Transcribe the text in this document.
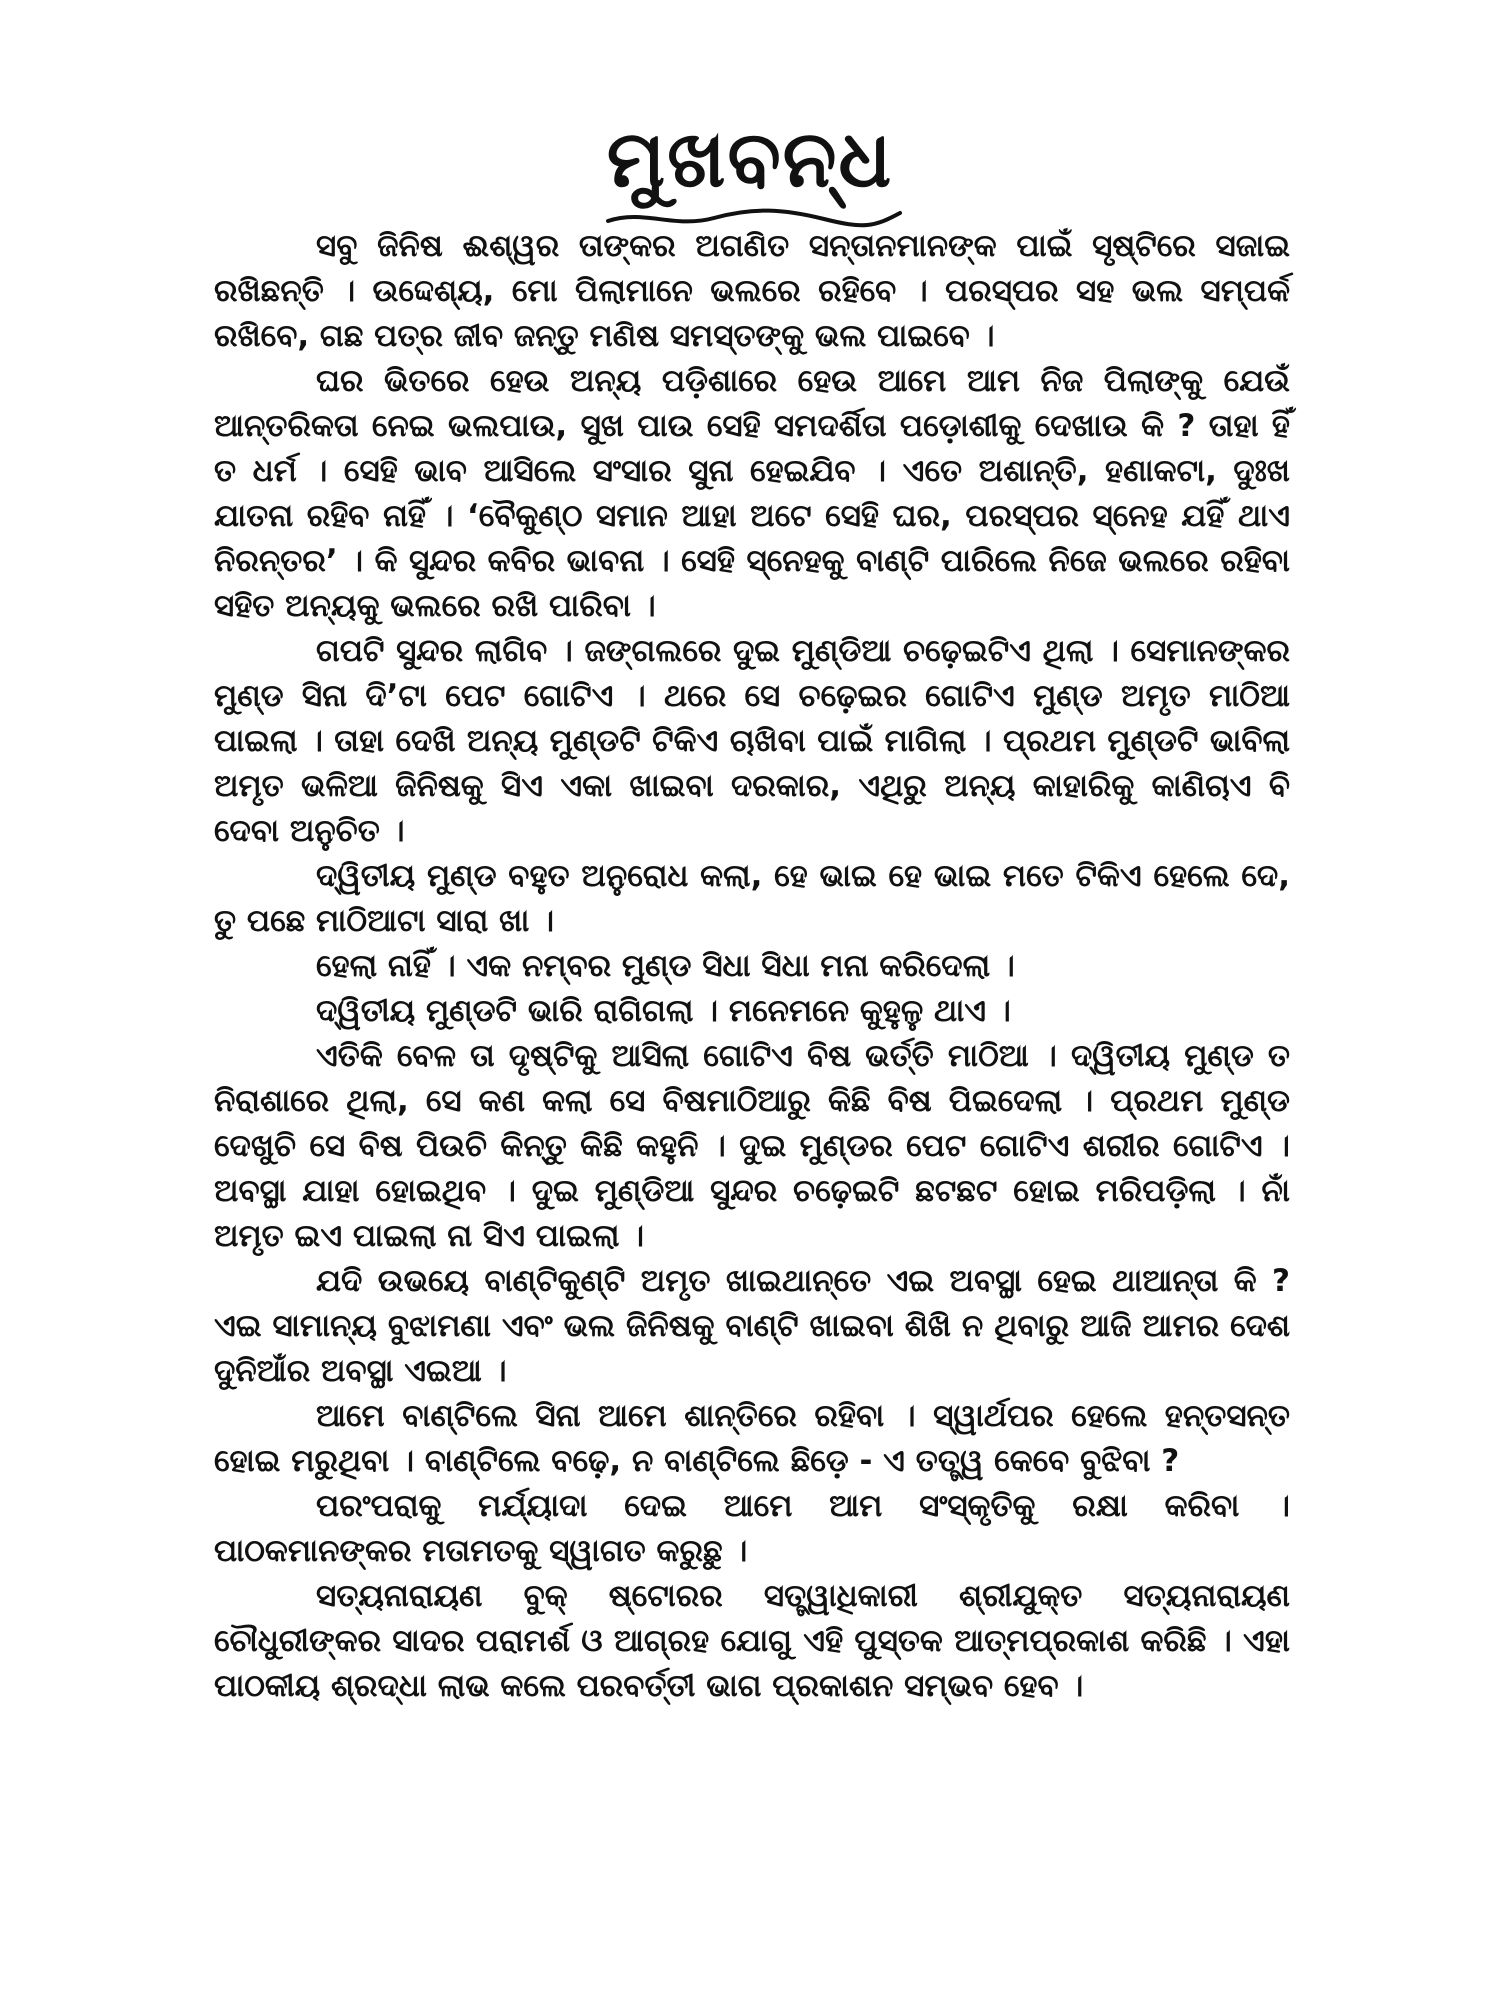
ମୁଖବନ୍ଧ

ସବୁ ଜିନିଷ ଈଶ୍ୱର ତାଙ୍କର ଅଗଣିତ ସନ୍ତାନମାନଙ୍କ ପାଇଁ ସୃଷ୍ଟିରେ ସଜାଇ ରଖିଛନ୍ତି । ଉଦ୍ଦେଶ୍ୟ, ମୋ ପିଲାମାନେ ଭଲରେ ରହିବେ । ପରସ୍ପର ସହ ଭଲ ସମ୍ପର୍କ ରଖିବେ, ଗଛ ପତ୍ର ଜୀବ ଜନ୍ତୁ ମଣିଷ ସମସ୍ତଙ୍କୁ ଭଲ ପାଇବେ ।

ଘର ଭିତରେ ହେଉ ଅନ୍ୟ ପଡ଼ିଶାରେ ହେଉ ଆମେ ଆମ ନିଜ ପିଲାଙ୍କୁ ଯେଉଁ ଆନ୍ତରିକତା ନେଇ ଭଲପାଉ, ସୁଖ ପାଉ ସେହି ସମଦର୍ଶିତା ପଡ଼ୋଶୀକୁ ଦେଖାଉ କି ? ତାହା ହିଁ ତ ଧର୍ମ । ସେହି ଭାବ ଆସିଲେ ସଂସାର ସୁନା ହେଇଯିବ । ଏତେ ଅଶାନ୍ତି, ହଣାକଟା, ଦୁଃଖ ଯାତନା ରହିବ ନାହିଁ । ‘ବୈକୁଣ୍ଠ ସମାନ ଆହା ଅଟେ ସେହି ଘର, ପରସ୍ପର ସ୍ନେହ ଯହିଁ ଥାଏ ନିରନ୍ତର’ । କି ସୁନ୍ଦର କବିର ଭାବନା । ସେହି ସ୍ନେହକୁ ବାଣ୍ଟି ପାରିଲେ ନିଜେ ଭଲରେ ରହିବା ସହିତ ଅନ୍ୟକୁ ଭଲରେ ରଖି ପାରିବା ।

ଗପଟି ସୁନ୍ଦର ଲାଗିବ । ଜଙ୍ଗଲରେ ଦୁଇ ମୁଣ୍ଡିଆ ଚଢ଼େଇଟିଏ ଥିଲା । ସେମାନଙ୍କର ମୁଣ୍ଡ ସିନା ଦି’ଟା ପେଟ ଗୋଟିଏ । ଥରେ ସେ ଚଢ଼େଇର ଗୋଟିଏ ମୁଣ୍ଡ ଅମୃତ ମାଠିଆ ପାଇଲା । ତାହା ଦେଖି ଅନ୍ୟ ମୁଣ୍ଡଟି ଟିକିଏ ଚାଖିବା ପାଇଁ ମାଗିଲା । ପ୍ରଥମ ମୁଣ୍ଡଟି ଭାବିଲା ଅମୃତ ଭଳିଆ ଜିନିଷକୁ ସିଏ ଏକା ଖାଇବା ଦରକାର, ଏଥିରୁ ଅନ୍ୟ କାହାରିକୁ କାଣିଚାଏ ବି ଦେବା ଅନୁଚିତ ।

ଦ୍ୱିତୀୟ ମୁଣ୍ଡ ବହୁତ ଅନୁରୋଧ କଲା, ହେ ଭାଇ ହେ ଭାଇ ମତେ ଟିକିଏ ହେଲେ ଦେ, ତୁ ପଛେ ମାଠିଆଟା ସାରା ଖା ।

ହେଲା ନାହିଁ । ଏକ ନମ୍ବର ମୁଣ୍ଡ ସିଧା ସିଧା ମନା କରିଦେଲା ।

ଦ୍ୱିତୀୟ ମୁଣ୍ଡଟି ଭାରି ରାଗିଗଲା । ମନେମନେ କୁହୁଳୁ ଥାଏ ।

ଏତିକି ବେଳ ତା ଦୃଷ୍ଟିକୁ ଆସିଲା ଗୋଟିଏ ବିଷ ଭର୍ତ୍ତି ମାଠିଆ । ଦ୍ୱିତୀୟ ମୁଣ୍ଡ ତ ନିରାଶାରେ ଥିଲା, ସେ କଣ କଲା ସେ ବିଷମାଠିଆରୁ କିଛି ବିଷ ପିଇଦେଲା । ପ୍ରଥମ ମୁଣ୍ଡ ଦେଖୁଚି ସେ ବିଷ ପିଉଚି କିନ୍ତୁ କିଛି କହୁନି । ଦୁଇ ମୁଣ୍ଡର ପେଟ ଗୋଟିଏ ଶରୀର ଗୋଟିଏ । ଅବସ୍ଥା ଯାହା ହୋଇଥିବ । ଦୁଇ ମୁଣ୍ଡିଆ ସୁନ୍ଦର ଚଢ଼େଇଟି ଛଟଛଟ ହୋଇ ମରିପଡ଼ିଲା । ନାଁ ଅମୃତ ଇଏ ପାଇଲା ନା ସିଏ ପାଇଲା ।

ଯଦି ଉଭୟେ ବାଣ୍ଟିକୁଣ୍ଟି ଅମୃତ ଖାଇଥାନ୍ତେ ଏଇ ଅବସ୍ଥା ହେଇ ଥାଆନ୍ତା କି ? ଏଇ ସାମାନ୍ୟ ବୁଝାମଣା ଏବଂ ଭଲ ଜିନିଷକୁ ବାଣ୍ଟି ଖାଇବା ଶିଖି ନ ଥିବାରୁ ଆଜି ଆମର ଦେଶ ଦୁନିଆଁର ଅବସ୍ଥା ଏଇଆ ।

ଆମେ ବାଣ୍ଟିଲେ ସିନା ଆମେ ଶାନ୍ତିରେ ରହିବା । ସ୍ୱାର୍ଥପର ହେଲେ ହନ୍ତସନ୍ତ ହୋଇ ମରୁଥିବା । ବାଣ୍ଟିଲେ ବଢ଼େ, ନ ବାଣ୍ଟିଲେ ଛିଡ଼େ - ଏ ତତ୍ତ୍ୱ କେବେ ବୁଝିବା ?

ପରଂପରାକୁ ମର୍ଯ୍ୟାଦା ଦେଇ ଆମେ ଆମ ସଂସ୍କୃତିକୁ ରକ୍ଷା କରିବା । ପାଠକମାନଙ୍କର ମତାମତକୁ ସ୍ୱାଗତ କରୁଛୁ ।

ସତ୍ୟନାରାୟଣ ବୁକ୍ ଷ୍ଟୋରର ସତ୍ତ୍ୱାଧିକାରୀ ଶ୍ରୀଯୁକ୍ତ ସତ୍ୟନାରାୟଣ ଚୌଧୁରୀଙ୍କର ସାଦର ପରାମର୍ଶ ଓ ଆଗ୍ରହ ଯୋଗୁ ଏହି ପୁସ୍ତକ ଆତ୍ମପ୍ରକାଶ କରିଛି । ଏହା ପାଠକୀୟ ଶ୍ରଦ୍ଧା ଲାଭ କଲେ ପରବର୍ତ୍ତୀ ଭାଗ ପ୍ରକାଶନ ସମ୍ଭବ ହେବ ।
